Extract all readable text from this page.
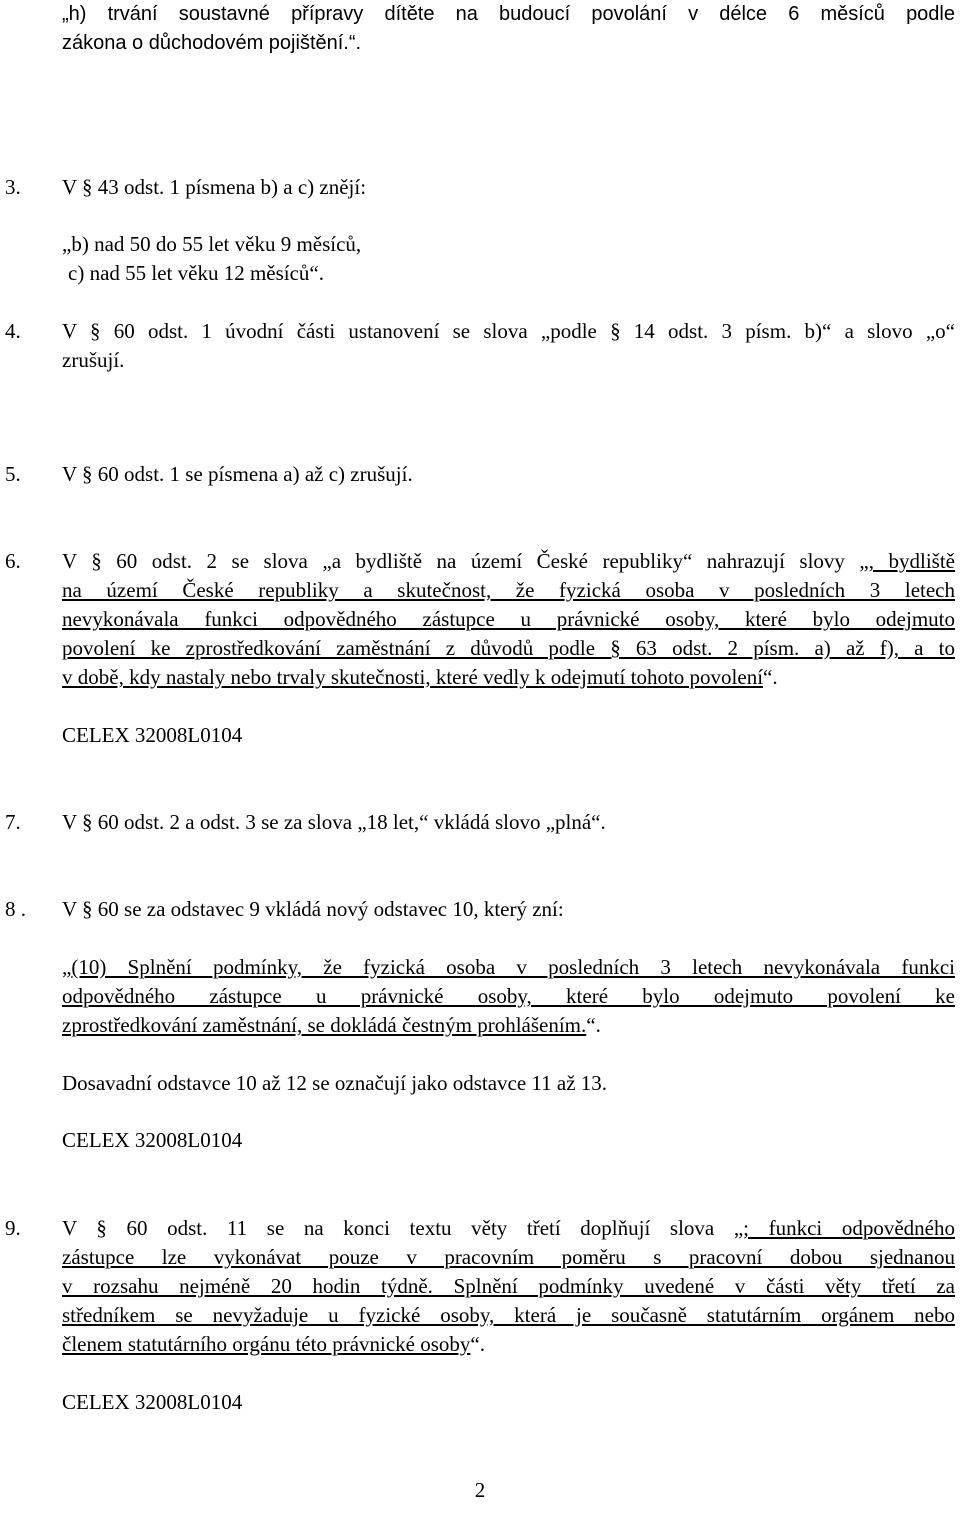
„h) trvání soustavné přípravy dítěte na budoucí povolání v délce 6 měsíců podle
zákona o důchodovém pojištění.“.
3. V § 43 odst. 1 písmena b) a c) znějí:
„b) nad 50 do 55 let věku 9 měsíců,
c) nad 55 let věku 12 měsíců“.
4. V § 60 odst. 1 úvodní části ustanovení se slova „podle § 14 odst. 3 písm. b)“ a slovo „o“
zrušují.
5. V § 60 odst. 1 se písmena a) až c) zrušují.
6. V § 60 odst. 2 se slova „a bydliště na území České republiky“ nahrazují slovy „, bydliště
na území České republiky a skutečnost, že fyzická osoba v posledních 3 letech
nevykonávala funkci odpovědného zástupce u právnické osoby, které bylo odejmuto
povolení ke zprostředkování zaměstnání z důvodů podle § 63 odst. 2 písm. a) až f), a to
v době, kdy nastaly nebo trvaly skutečnosti, které vedly k odejmutí tohoto povolení“.
CELEX 32008L0104
7. V § 60 odst. 2 a odst. 3 se za slova „18 let,“ vkládá slovo „plná“.
8 . V § 60 se za odstavec 9 vkládá nový odstavec 10, který zní:
„(10) Splnění podmínky, že fyzická osoba v posledních 3 letech nevykonávala funkci
odpovědného zástupce u právnické osoby, které bylo odejmuto povolení ke
zprostředkování zaměstnání, se dokládá čestným prohlášením.“.
Dosavadní odstavce 10 až 12 se označují jako odstavce 11 až 13.
CELEX 32008L0104
9. V § 60 odst. 11 se na konci textu věty třetí doplňují slova „; funkci odpovědného
zástupce lze vykonávat pouze v pracovním poměru s pracovní dobou sjednanou
v rozsahu nejméně 20 hodin týdně. Splnění podmínky uvedené v části věty třetí za
středníkem se nevyžaduje u fyzické osoby, která je současně statutárním orgánem nebo
členem statutárního orgánu této právnické osoby“.
CELEX 32008L0104
2
